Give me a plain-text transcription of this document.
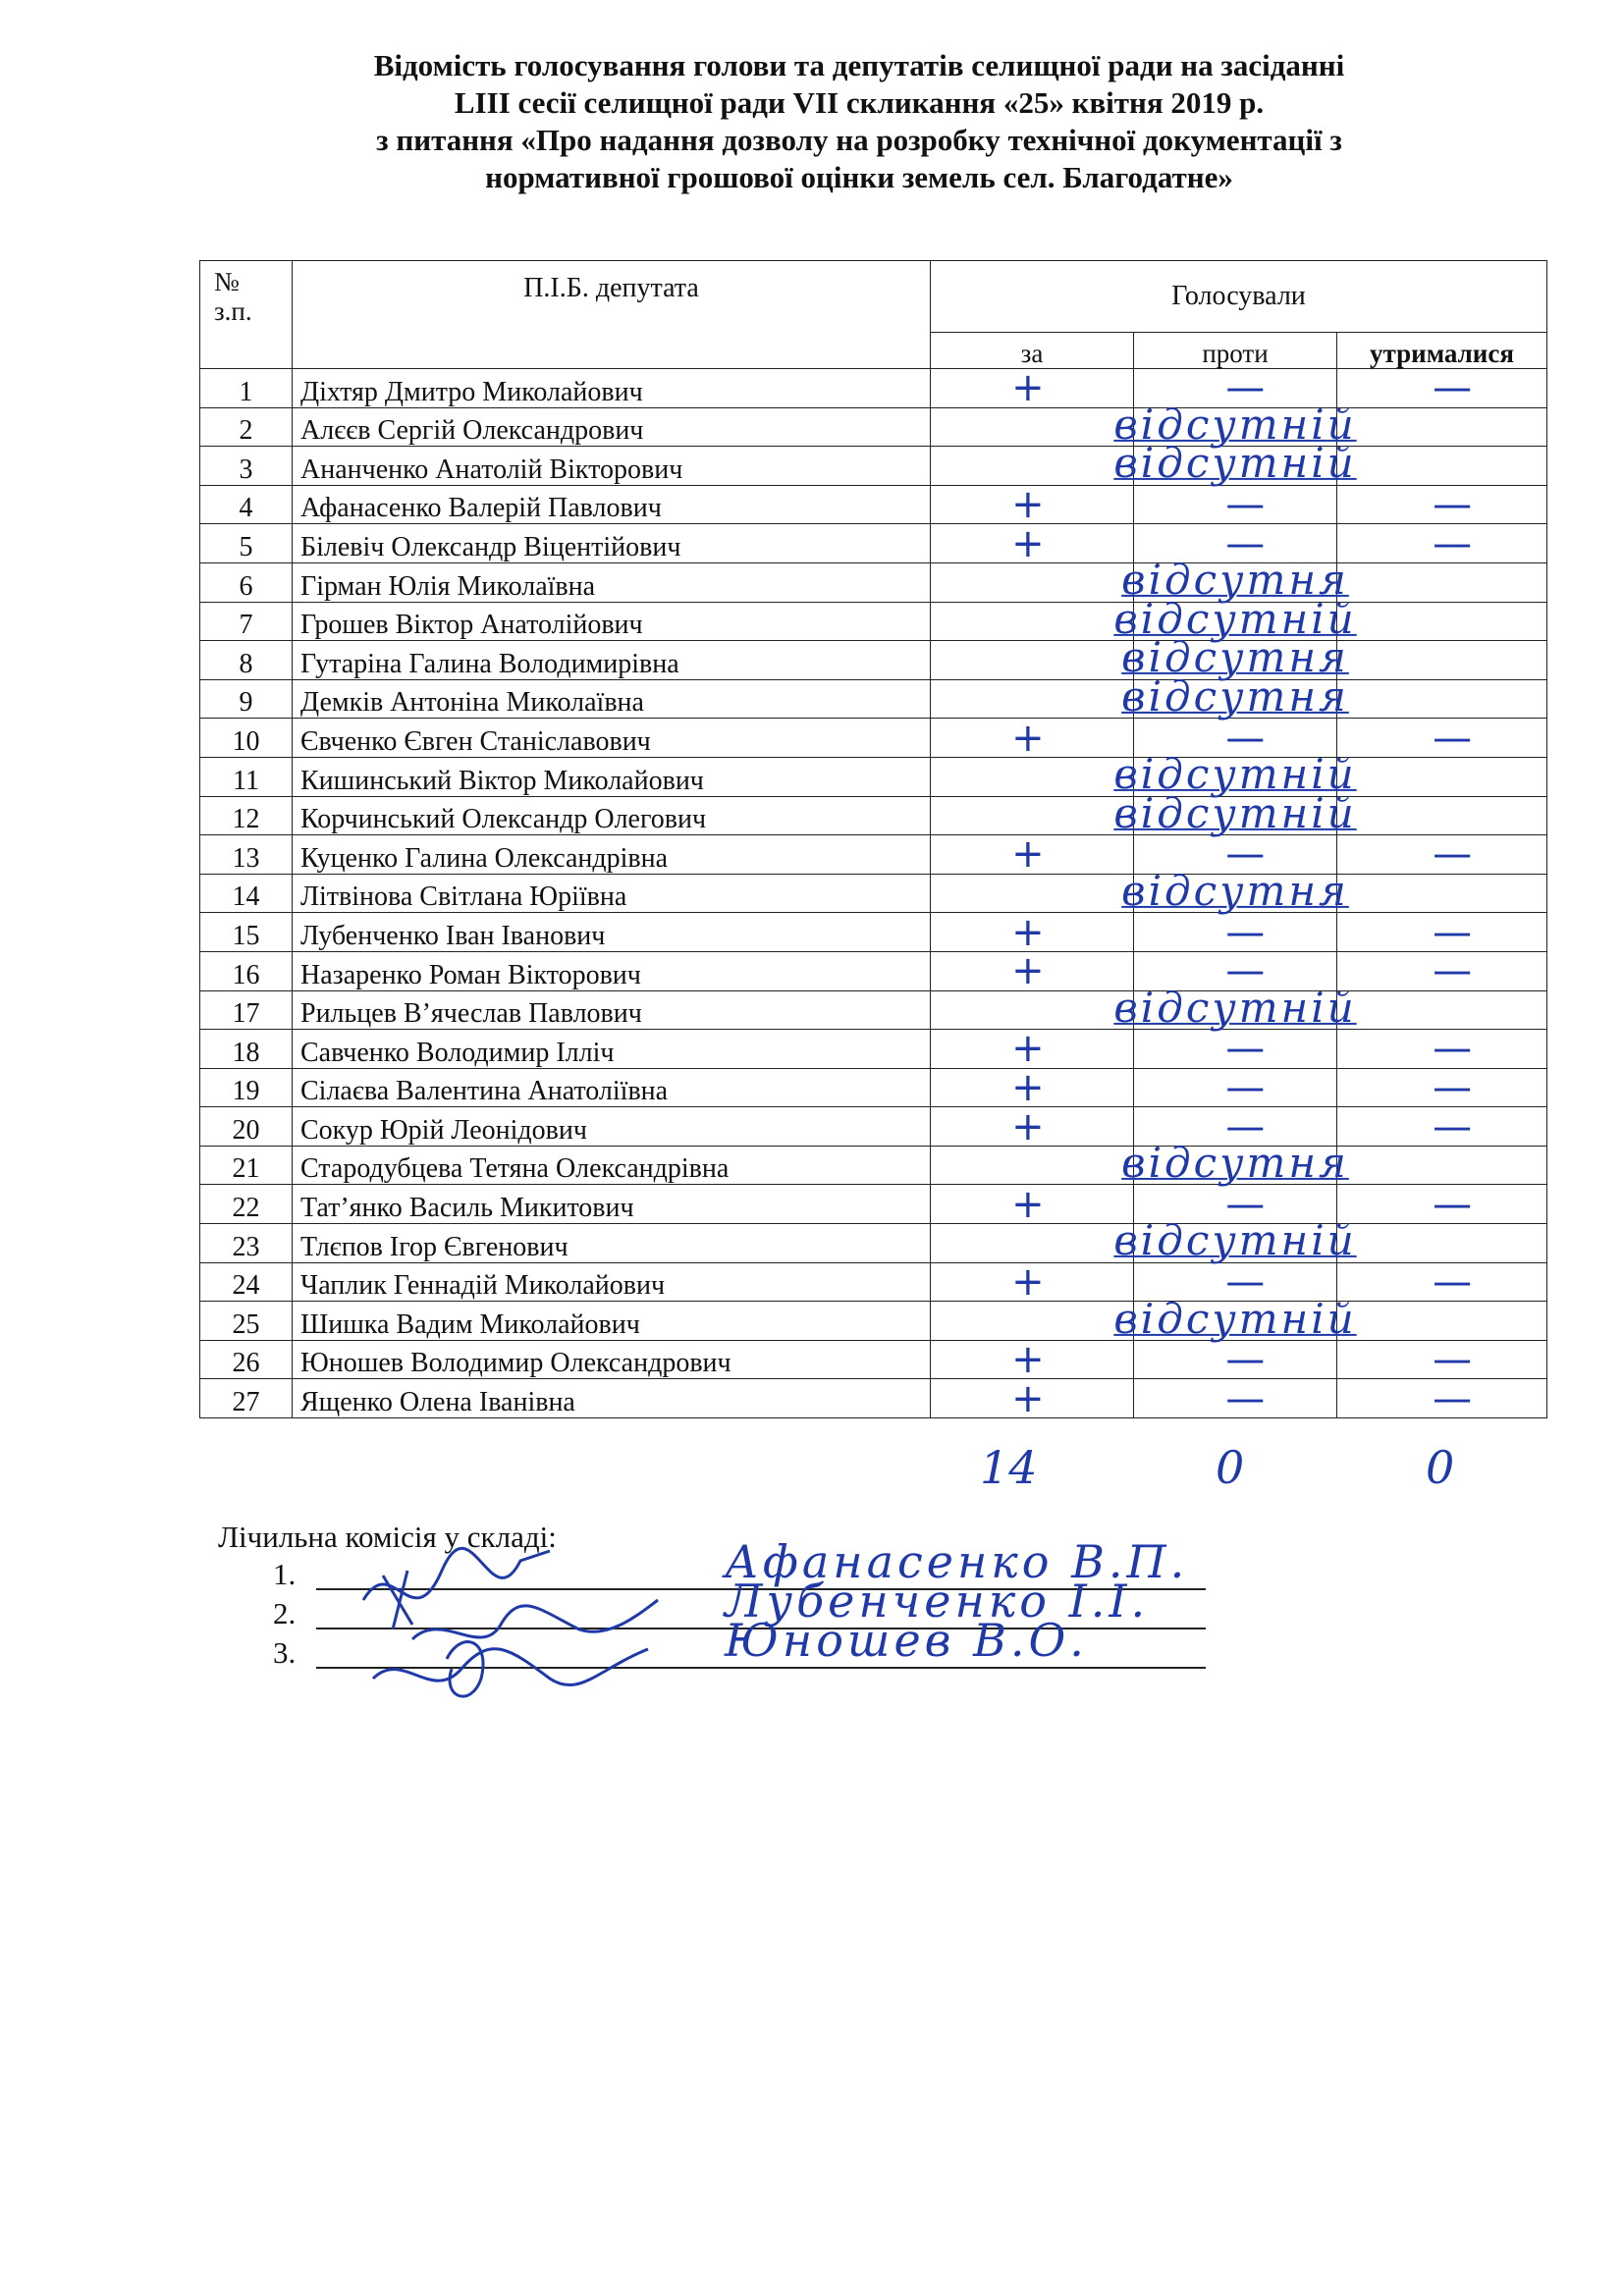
Відомість голосування голови та депутатів селищної ради на засіданні
LIII сесії селищної ради VII скликання «25» квітня 2019 р.
з питання «Про надання дозволу на розробку технічної документації з
нормативної грошової оцінки земель сел. Благодатне»
№
з.п.	П.І.Б. депутата	Голосували		
		за	проти	утрималися
1	Діхтяр Дмитро Миколайович	+	—	—

2	Алєєв Сергій Олександрович		відсутній	

3	Ананченко Анатолій Вікторович		відсутній	

4	Афанасенко Валерій Павлович	+	—	—

5	Білевіч Олександр Віцентійович	+	—	—

6	Гірман Юлія Миколаївна		відсутня	

7	Грошев Віктор Анатолійович		відсутній	

8	Гутаріна Галина Володимирівна		відсутня	

9	Демків Антоніна Миколаївна		відсутня	

10	Євченко Євген Станіславович	+	—	—

11	Кишинський Віктор Миколайович		відсутній	

12	Корчинський Олександр Олегович		відсутній	

13	Куценко Галина Олександрівна	+	—	—

14	Літвінова Світлана Юріївна		відсутня	

15	Лубенченко Іван Іванович	+	—	—

16	Назаренко Роман Вікторович	+	—	—

17	Рильцев В’ячеслав Павлович		відсутній	

18	Савченко Володимир Ілліч	+	—	—

19	Сілаєва Валентина Анатоліївна	+	—	—

20	Сокур Юрій Леонідович	+	—	—

21	Стародубцева Тетяна Олександрівна		відсутня	

22	Тат’янко Василь Микитович	+	—	—

23	Тлєпов Ігор Євгенович		відсутній	

24	Чаплик Геннадій Миколайович	+	—	—

25	Шишка Вадим Миколайович		відсутній	

26	Юношев Володимир Олександрович	+	—	—

27	Ященко Олена Іванівна	+	—	—
14	0	0
Лічильна комісія у складі:
1.	Афанасенко В.П.
2.	Лубенченко І.І.
3.	Юношев В.О.
